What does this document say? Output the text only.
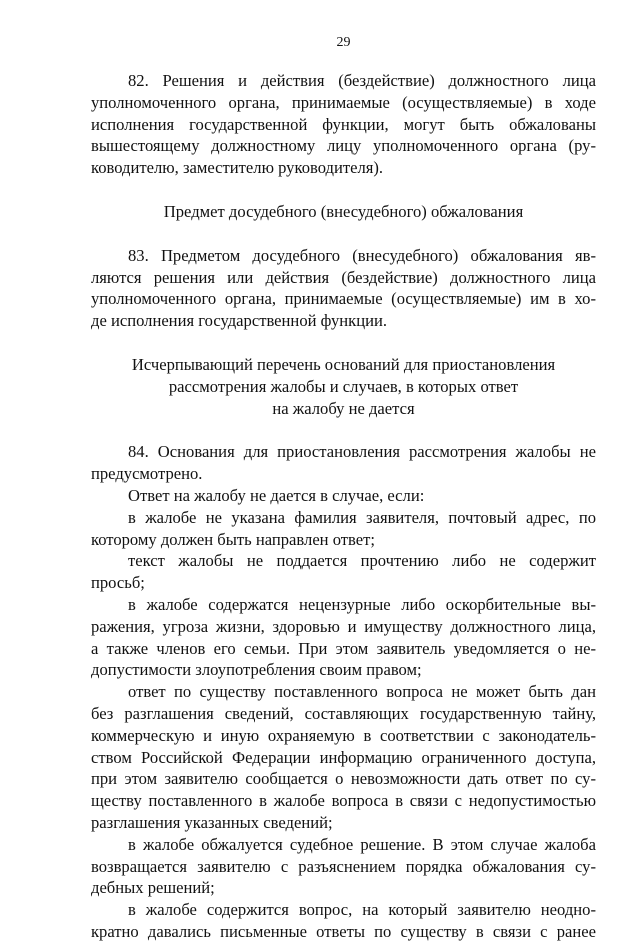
29
82. Решения и действия (бездействие) должностного лица
уполномоченного органа, принимаемые (осуществляемые) в ходе
исполнения государственной функции, могут быть обжалованы
вышестоящему должностному лицу уполномоченного органа (ру-
ководителю, заместителю руководителя).
Предмет досудебного (внесудебного) обжалования
83. Предметом досудебного (внесудебного) обжалования яв-
ляются решения или действия (бездействие) должностного лица
уполномоченного органа, принимаемые (осуществляемые) им в хо-
де исполнения государственной функции.
Исчерпывающий перечень оснований для приостановления
рассмотрения жалобы и случаев, в которых ответ
на жалобу не дается
84. Основания для приостановления рассмотрения жалобы не
предусмотрено.
Ответ на жалобу не дается в случае, если:
в жалобе не указана фамилия заявителя, почтовый адрес, по
которому должен быть направлен ответ;
текст жалобы не поддается прочтению либо не содержит
просьб;
в жалобе содержатся нецензурные либо оскорбительные вы-
ражения, угроза жизни, здоровью и имуществу должностного лица,
а также членов его семьи. При этом заявитель уведомляется о не-
допустимости злоупотребления своим правом;
ответ по существу поставленного вопроса не может быть дан
без разглашения сведений, составляющих государственную тайну,
коммерческую и иную охраняемую в соответствии с законодатель-
ством Российской Федерации информацию ограниченного доступа,
при этом заявителю сообщается о невозможности дать ответ по су-
ществу поставленного в жалобе вопроса в связи с недопустимостью
разглашения указанных сведений;
в жалобе обжалуется судебное решение. В этом случае жалоба
возвращается заявителю с разъяснением порядка обжалования су-
дебных решений;
в жалобе содержится вопрос, на который заявителю неодно-
кратно давались письменные ответы по существу в связи с ранее
